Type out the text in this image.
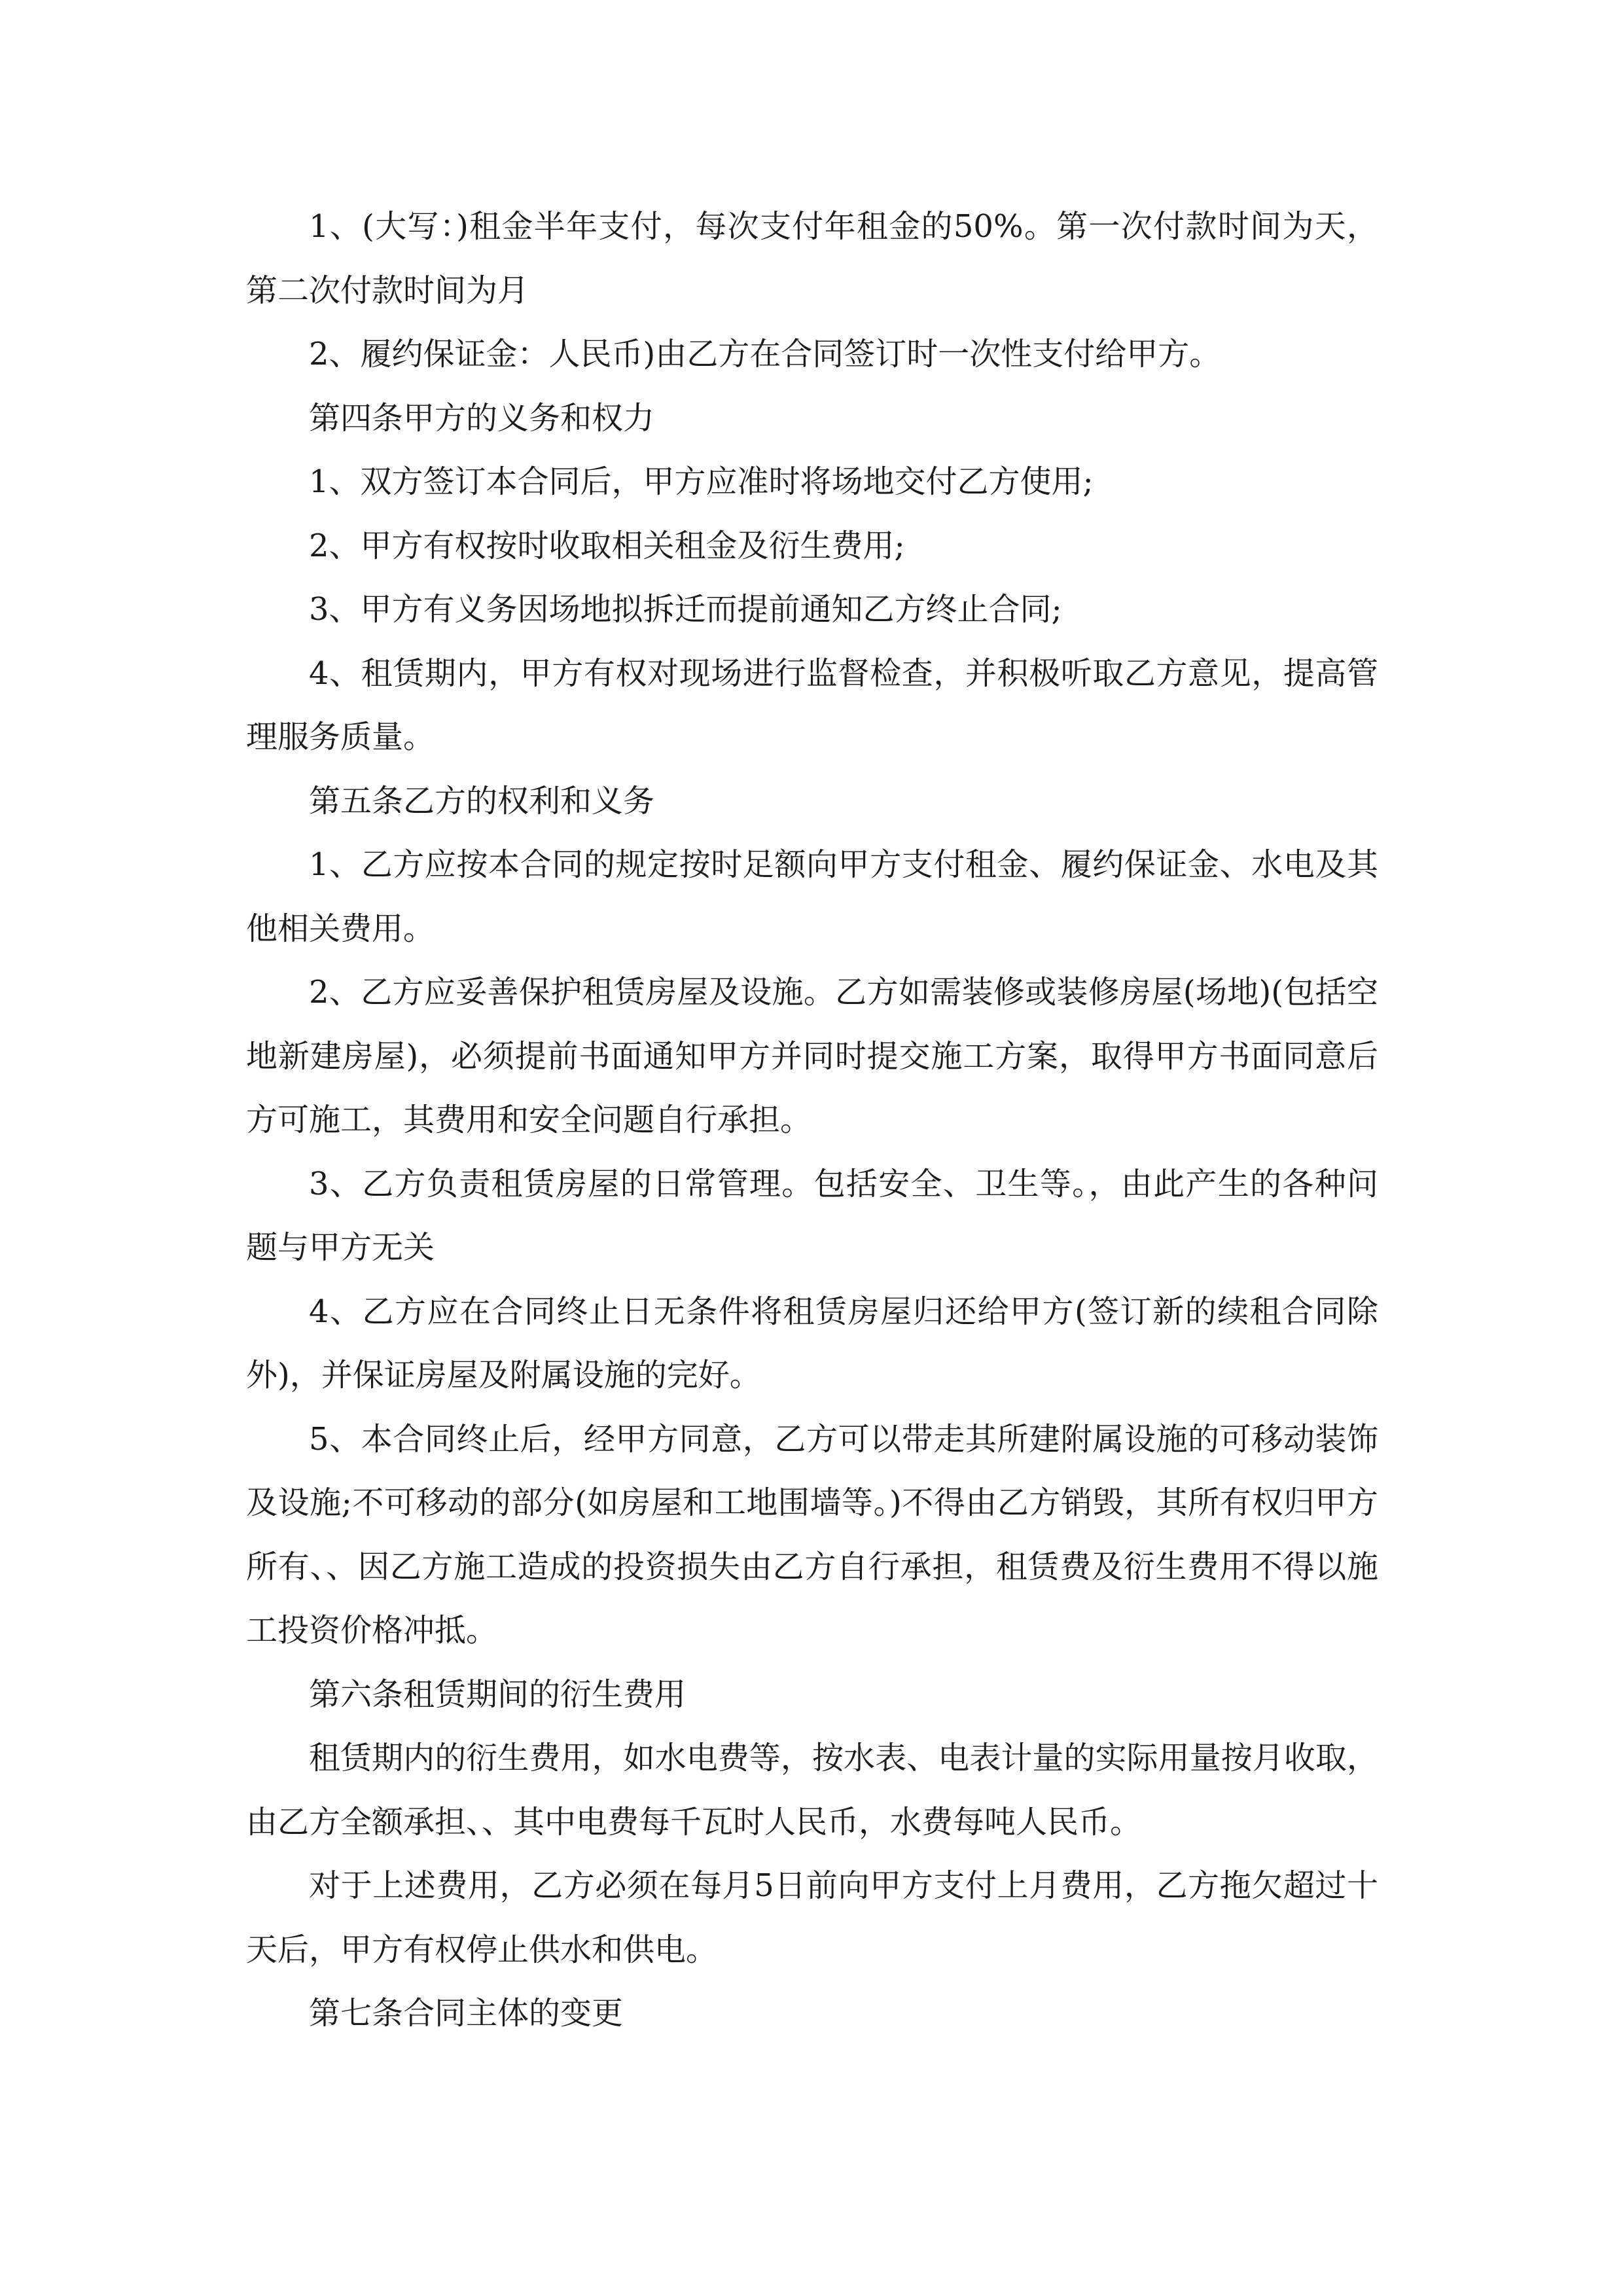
1、(大写：)租金半年支付，每次支付年租金的50%。第一次付款时间为天，第二次付款时间为月

2、履约保证金：人民币)由乙方在合同签订时一次性支付给甲方。

第四条甲方的义务和权力

1、双方签订本合同后，甲方应准时将场地交付乙方使用;

2、甲方有权按时收取相关租金及衍生费用;

3、甲方有义务因场地拟拆迁而提前通知乙方终止合同;

4、租赁期内，甲方有权对现场进行监督检查，并积极听取乙方意见，提高管理服务质量。

第五条乙方的权利和义务

1、乙方应按本合同的规定按时足额向甲方支付租金、履约保证金、水电及其他相关费用。

2、乙方应妥善保护租赁房屋及设施。乙方如需装修或装修房屋(场地)(包括空地新建房屋)，必须提前书面通知甲方并同时提交施工方案，取得甲方书面同意后方可施工，其费用和安全问题自行承担。

3、乙方负责租赁房屋的日常管理。包括安全、卫生等。，由此产生的各种问题与甲方无关

4、乙方应在合同终止日无条件将租赁房屋归还给甲方(签订新的续租合同除外)，并保证房屋及附属设施的完好。

5、本合同终止后，经甲方同意，乙方可以带走其所建附属设施的可移动装饰及设施;不可移动的部分(如房屋和工地围墙等。)不得由乙方销毁，其所有权归甲方所有、、因乙方施工造成的投资损失由乙方自行承担，租赁费及衍生费用不得以施工投资价格冲抵。

第六条租赁期间的衍生费用

租赁期内的衍生费用，如水电费等，按水表、电表计量的实际用量按月收取，由乙方全额承担、、其中电费每千瓦时人民币，水费每吨人民币。

对于上述费用，乙方必须在每月5日前向甲方支付上月费用，乙方拖欠超过十天后，甲方有权停止供水和供电。

第七条合同主体的变更
